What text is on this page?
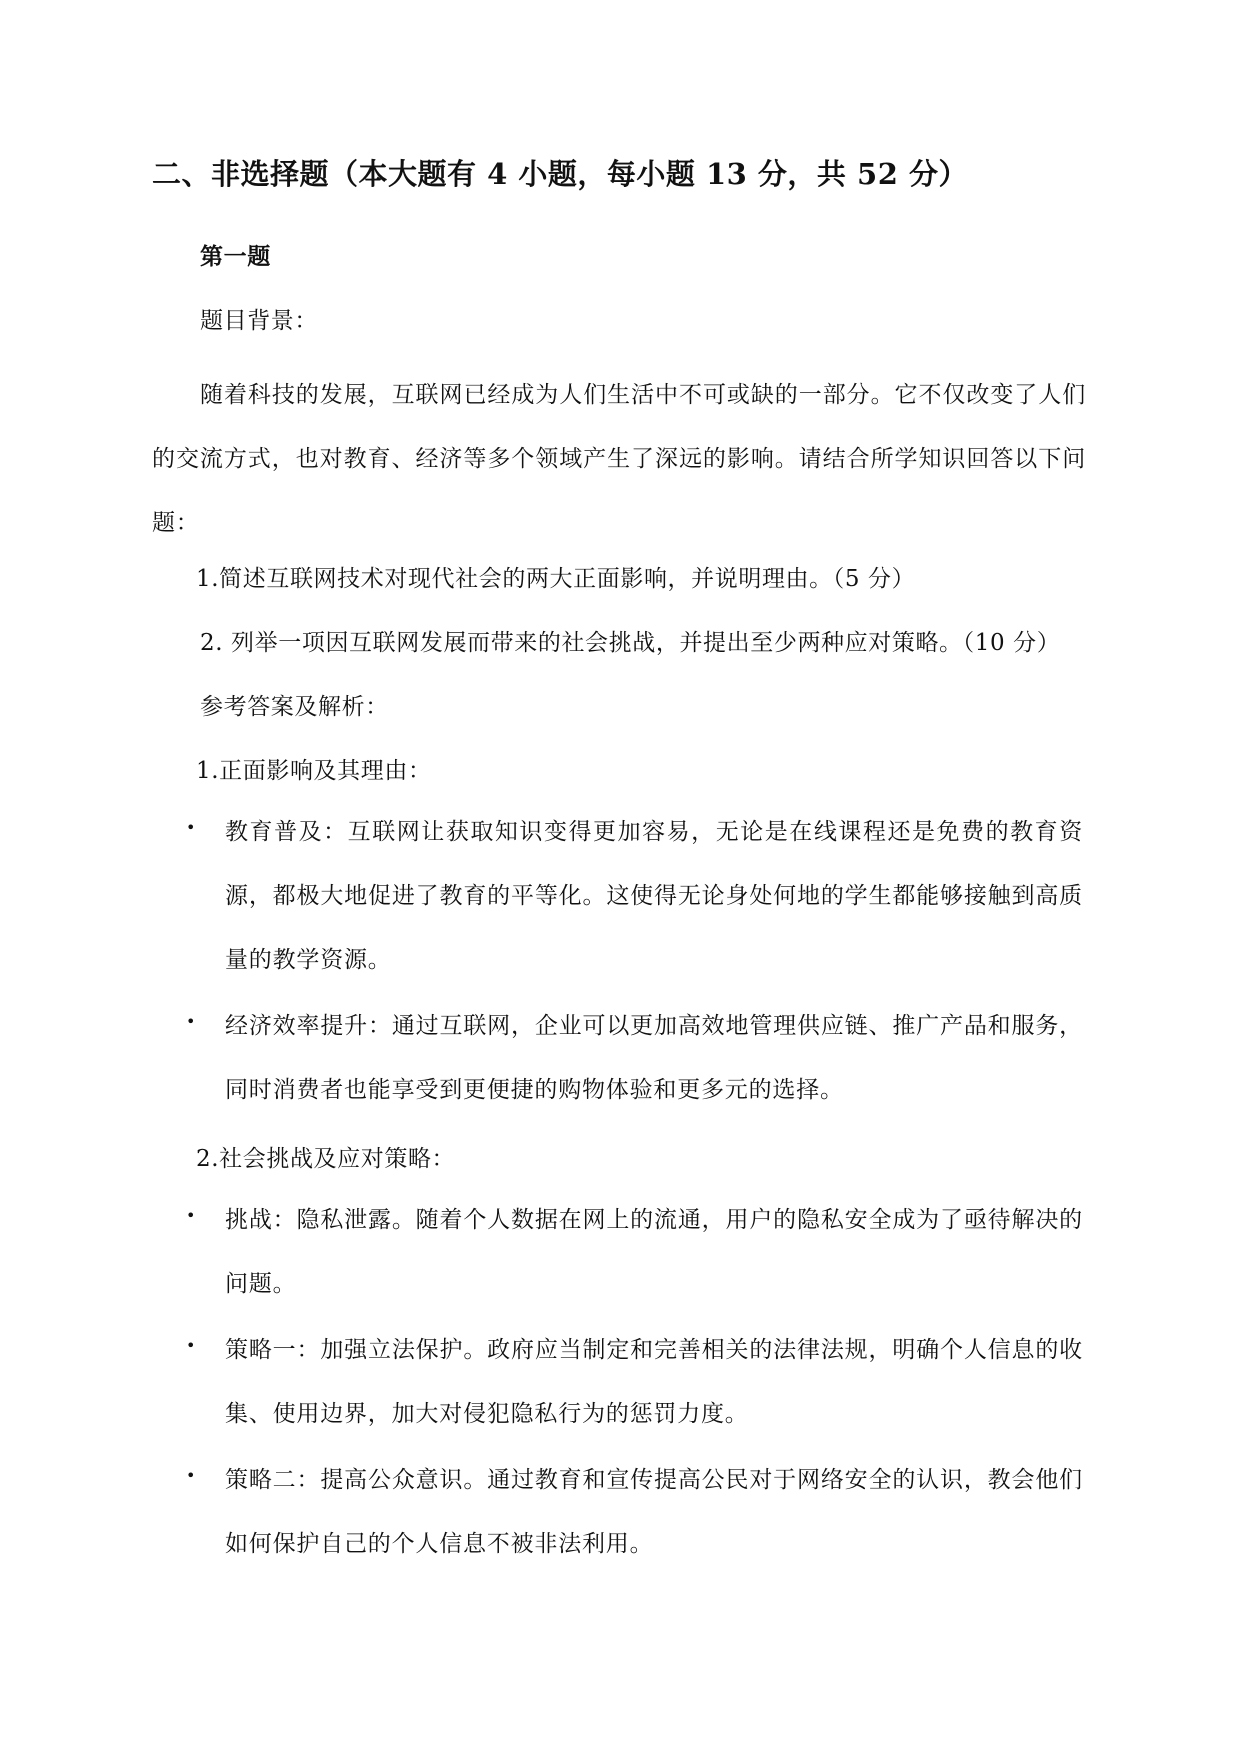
二、非选择题（本大题有 4 小题，每小题 13 分，共 52 分）
第一题
题目背景：
随着科技的发展，互联网已经成为人们生活中不可或缺的一部分。它不仅改变了人们的交流方式，也对教育、经济等多个领域产生了深远的影响。请结合所学知识回答以下问题：
1.简述互联网技术对现代社会的两大正面影响，并说明理由。（5 分）
2. 列举一项因互联网发展而带来的社会挑战，并提出至少两种应对策略。（10 分）
参考答案及解析：
1.正面影响及其理由：
• 教育普及：互联网让获取知识变得更加容易，无论是在线课程还是免费的教育资源，都极大地促进了教育的平等化。这使得无论身处何地的学生都能够接触到高质量的教学资源。
• 经济效率提升：通过互联网，企业可以更加高效地管理供应链、推广产品和服务，同时消费者也能享受到更便捷的购物体验和更多元的选择。
2.社会挑战及应对策略：
• 挑战：隐私泄露。随着个人数据在网上的流通，用户的隐私安全成为了亟待解决的问题。
• 策略一：加强立法保护。政府应当制定和完善相关的法律法规，明确个人信息的收集、使用边界，加大对侵犯隐私行为的惩罚力度。
• 策略二：提高公众意识。通过教育和宣传提高公民对于网络安全的认识，教会他们如何保护自己的个人信息不被非法利用。
